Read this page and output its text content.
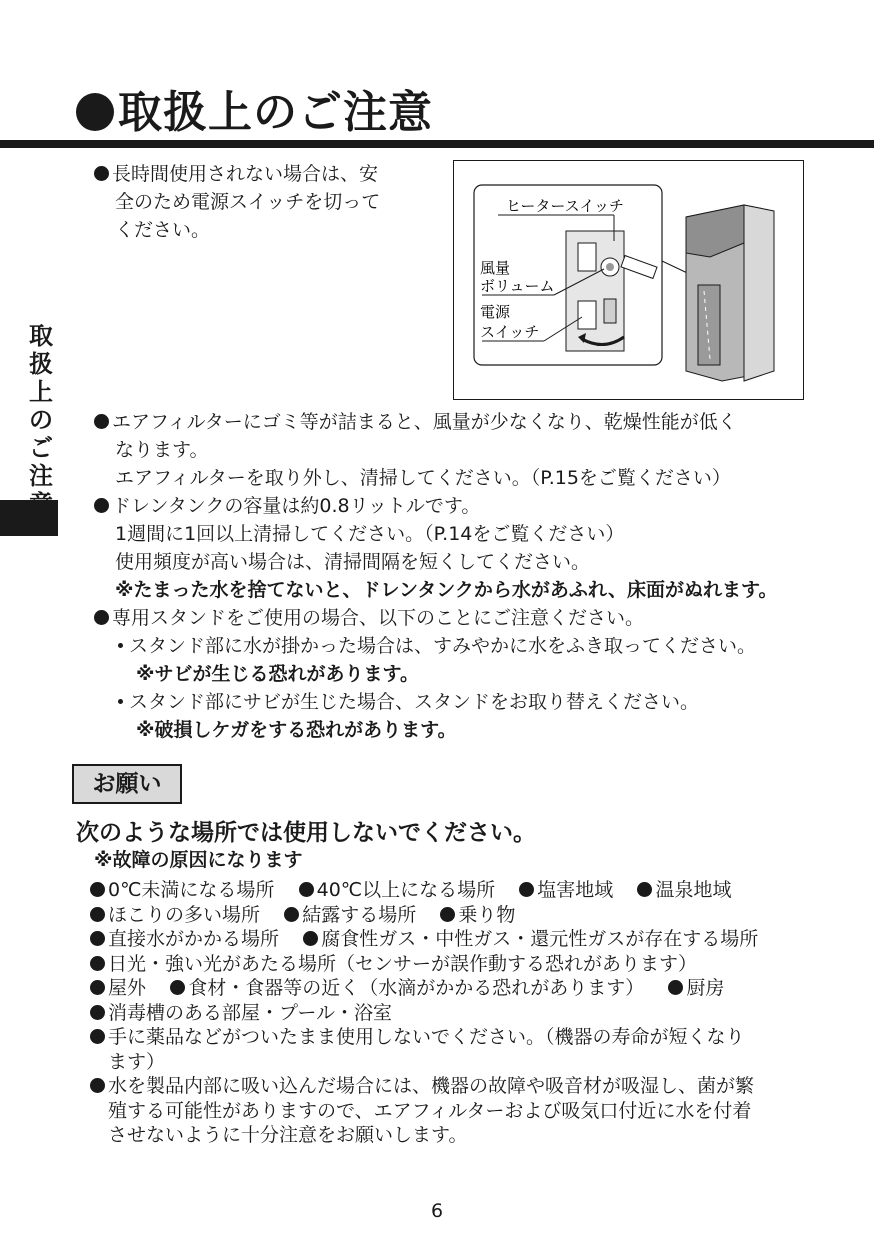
取扱上のご注意
取
扱
上
の
ご
注
長時間使用されない場合は、安
全のため電源スイッチを切って
ください。
ヒータースイッチ
風量
ボリューム
電源
スイッチ
エアフィルターにゴミ等が詰まると、風量が少なくなり、乾燥性能が低く
なります。
エアフィルターを取り外し、清掃してください。（P.15をご覧ください）
ドレンタンクの容量は約0.8リットルです。
1週間に1回以上清掃してください。（P.14をご覧ください）
使用頻度が高い場合は、清掃間隔を短くしてください。
※たまった水を捨てないと、ドレンタンクから水があふれ、床面がぬれます。
専用スタンドをご使用の場合、以下のことにご注意ください。
スタンド部に水が掛かった場合は、すみやかに水をふき取ってください。
※サビが生じる恐れがあります。
スタンド部にサビが生じた場合、スタンドをお取り替えください。
※破損しケガをする恐れがあります。
お願い
次のような場所では使用しないでください。
※故障の原因になります
0℃未満になる場所 40℃以上になる場所 塩害地域 温泉地域
ほこりの多い場所 結露する場所 乗り物
直接水がかかる場所 腐食性ガス・中性ガス・還元性ガスが存在する場所
日光・強い光があたる場所（センサーが誤作動する恐れがあります）
屋外 食材・食器等の近く（水滴がかかる恐れがあります） 厨房
消毒槽のある部屋・プール・浴室
手に薬品などがついたまま使用しないでください。（機器の寿命が短くなり
ます）
水を製品内部に吸い込んだ場合には、機器の故障や吸音材が吸湿し、菌が繁
殖する可能性がありますので、エアフィルターおよび吸気口付近に水を付着
させないように十分注意をお願いします。
6
